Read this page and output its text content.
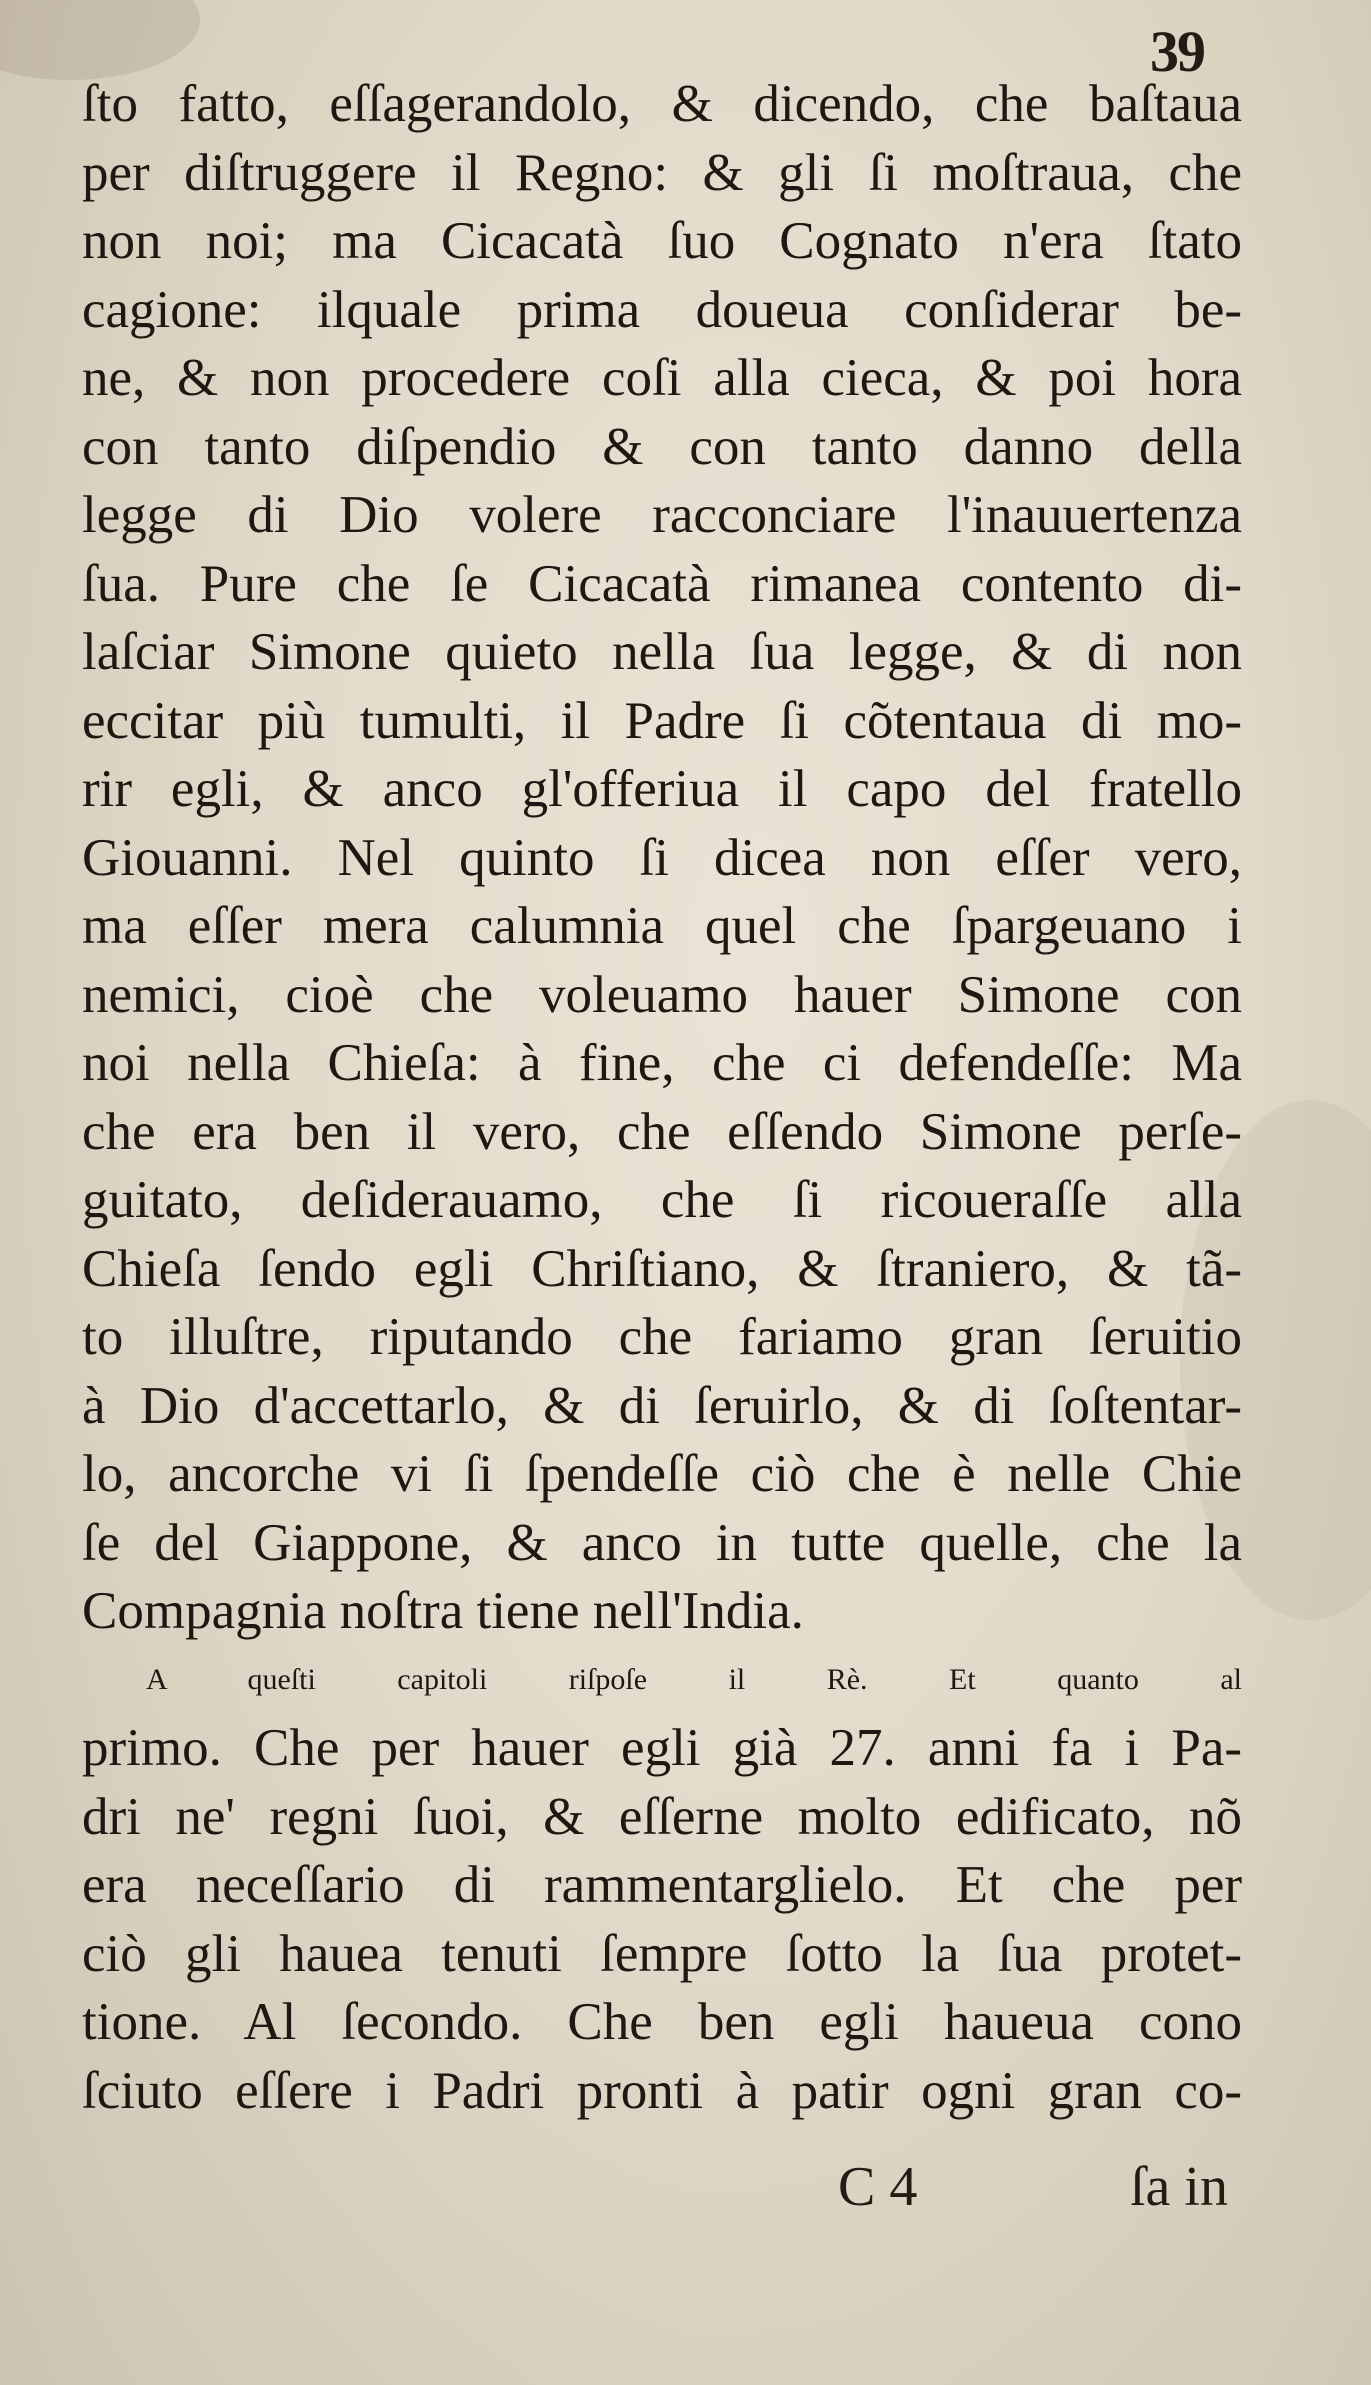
39
ſto fatto, eſſagerandolo, & dicendo, che baſtaua
per diſtruggere il Regno: & gli ſi moſtraua, che
non noi; ma Cicacatà ſuo Cognato n'era ſtato
cagione: ilquale prima doueua conſiderar be-
ne, & non procedere coſi alla cieca, & poi hora
con tanto diſpendio & con tanto danno della
legge di Dio volere racconciare l'inauuertenza
ſua. Pure che ſe Cicacatà rimanea contento di-
laſciar Simone quieto nella ſua legge, & di non
eccitar più tumulti, il Padre ſi cõtentaua di mo-
rir egli, & anco gl'offeriua il capo del fratello
Giouanni. Nel quinto ſi dicea non eſſer vero,
ma eſſer mera calumnia quel che ſpargeuano i
nemici, cioè che voleuamo hauer Simone con
noi nella Chieſa: à fine, che ci defendeſſe: Ma
che era ben il vero, che eſſendo Simone perſe-
guitato, deſiderauamo, che ſi ricoueraſſe alla
Chieſa ſendo egli Chriſtiano, & ſtraniero, & tã-
to illuſtre, riputando che fariamo gran ſeruitio
à Dio d'accettarlo, & di ſeruirlo, & di ſoſtentar-
lo, ancorche vi ſi ſpendeſſe ciò che è nelle Chie
ſe del Giappone, & anco in tutte quelle, che la
Compagnia noſtra tiene nell'India.
A queſti capitoli riſpoſe il Rè. Et quanto al
primo. Che per hauer egli già 27. anni fa i Pa-
dri ne' regni ſuoi, & eſſerne molto edificato, nõ
era neceſſario di rammentarglielo. Et che per
ciò gli hauea tenuti ſempre ſotto la ſua protet-
tione. Al ſecondo. Che ben egli haueua cono
ſciuto eſſere i Padri pronti à patir ogni gran co-
C 4	ſa in
